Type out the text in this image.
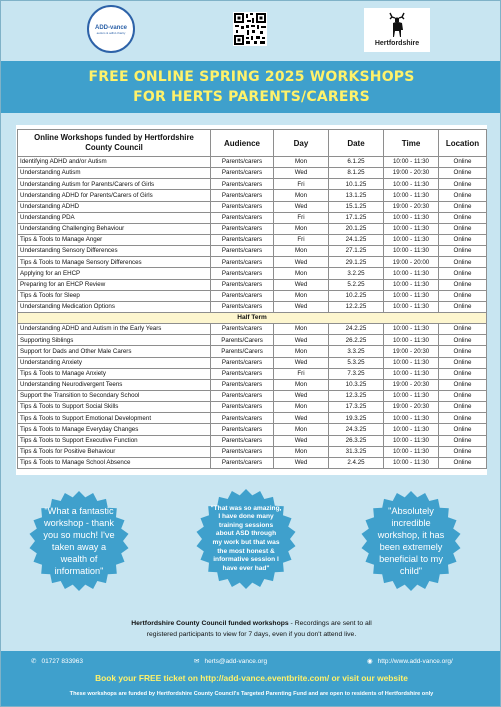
ADD-vance
autism & adhd charity
Hertfordshire
FREE ONLINE SPRING 2025 WORKSHOPS
FOR HERTS PARENTS/CARERS
Online Workshops funded by Hertfordshire County Council	Audience	Day	Date	Time	Location
Identifying ADHD and/or Autism	Parents/carers	Mon	6.1.25	10:00 - 11:30	Online
Understanding Autism	Parents/carers	Wed	8.1.25	19:00 - 20:30	Online
Understanding Autism for Parents/Carers of Girls	Parents/carers	Fri	10.1.25	10:00 - 11:30	Online
Understanding ADHD for Parents/Carers of Girls	Parents/carers	Mon	13.1.25	10:00 - 11:30	Online
Understanding ADHD	Parents/carers	Wed	15.1.25	19:00 - 20:30	Online
Understanding PDA	Parents/carers	Fri	17.1.25	10:00 - 11:30	Online
Understanding Challenging Behaviour	Parents/carers	Mon	20.1.25	10:00 - 11:30	Online
Tips & Tools to Manage Anger	Parents/carers	Fri	24.1.25	10:00 - 11:30	Online
Understanding Sensory Differences	Parents/carers	Mon	27.1.25	10:00 - 11:30	Online
Tips & Tools to Manage Sensory Differences	Parents/carers	Wed	29.1.25	19:00 - 20:00	Online
Applying for an EHCP	Parents/carers	Mon	3.2.25	10:00 - 11:30	Online
Preparing for an EHCP Review	Parents/carers	Wed	5.2.25	10:00 - 11:30	Online
Tips & Tools for Sleep	Parents/carers	Mon	10.2.25	10:00 - 11:30	Online
Understanding Medication Options	Parents/carers	Wed	12.2.25	10:00 - 11:30	Online
Half Term					
Understanding ADHD and Autism in the Early Years	Parents/carers	Mon	24.2.25	10:00 - 11:30	Online
Supporting Siblings	Parents/Carers	Wed	26.2.25	10:00 - 11:30	Online
Support for Dads and Other Male Carers	Parents/Carers	Mon	3.3.25	19:00 - 20:30	Online
Understanding Anxiety	Parents/carers	Wed	5.3.25	10:00 - 11:30	Online
Tips & Tools to Manage Anxiety	Parents/carers	Fri	7.3.25	10:00 - 11:30	Online
Understanding Neurodivergent Teens	Parents/carers	Mon	10.3.25	19:00 - 20:30	Online
Support the Transition to Secondary School	Parents/carers	Wed	12.3.25	10:00 - 11:30	Online
Tips & Tools to Support Social Skills	Parents/carers	Mon	17.3.25	19:00 - 20:30	Online
Tips & Tools to Support Emotional Development	Parents/carers	Wed	19.3.25	10:00 - 11:30	Online
Tips & Tools to Manage Everyday Changes	Parents/carers	Mon	24.3.25	10:00 - 11:30	Online
Tips & Tools to Support Executive Function	Parents/carers	Wed	26.3.25	10:00 - 11:30	Online
Tips & Tools for Positive Behaviour	Parents/carers	Mon	31.3.25	10:00 - 11:30	Online
Tips & Tools to Manage School Absence	Parents/carers	Wed	2.4.25	10:00 - 11:30	Online
"What a fantastic
workshop - thank
you so much! I've
taken away a
wealth of
information"
"That was so amazing,
I have done many
training sessions
about ASD through
my work but that was
the most honest &
informative session I
have ever had"
"Absolutely
incredible
workshop, it has
been extremely
beneficial to my
child"
Hertfordshire County Council funded workshops - Recordings are sent to all
registered participants to view for 7 days, even if you don't attend live.
✆ 01727 833963	✉ herts@add-vance.org	◉ http://www.add-vance.org/
Book your FREE ticket on http://add-vance.eventbrite.com/ or visit our website
These workshops are funded by Hertfordshire County Council's Targeted Parenting Fund and are open to residents of Hertfordshire only
